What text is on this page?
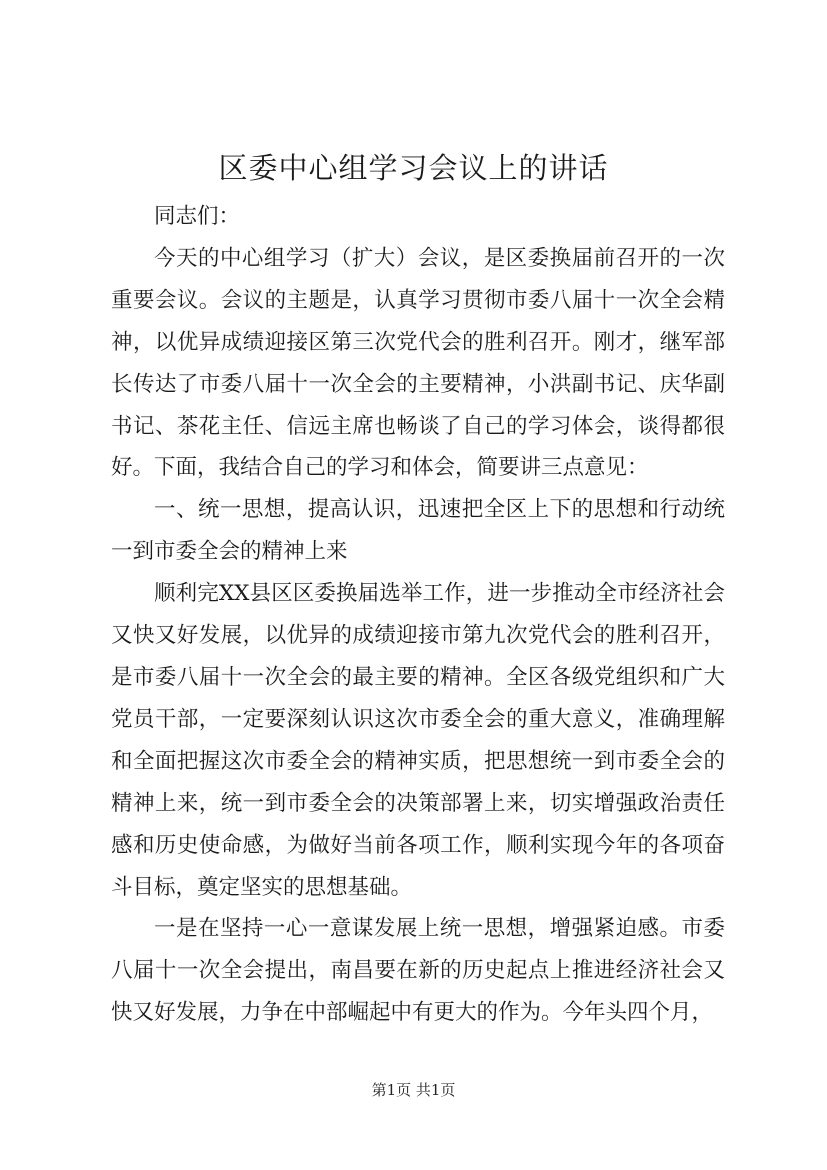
区委中心组学习会议上的讲话

同志们：

今天的中心组学习（扩大）会议，是区委换届前召开的一次重要会议。会议的主题是，认真学习贯彻市委八届十一次全会精神，以优异成绩迎接区第三次党代会的胜利召开。刚才，继军部长传达了市委八届十一次全会的主要精神，小洪副书记、庆华副书记、茶花主任、信远主席也畅谈了自己的学习体会，谈得都很好。下面，我结合自己的学习和体会，简要讲三点意见：

一、统一思想，提高认识，迅速把全区上下的思想和行动统一到市委全会的精神上来

顺利完XX县区区委换届选举工作，进一步推动全市经济社会又快又好发展，以优异的成绩迎接市第九次党代会的胜利召开，是市委八届十一次全会的最主要的精神。全区各级党组织和广大党员干部，一定要深刻认识这次市委全会的重大意义，准确理解和全面把握这次市委全会的精神实质，把思想统一到市委全会的精神上来，统一到市委全会的决策部署上来，切实增强政治责任感和历史使命感，为做好当前各项工作，顺利实现今年的各项奋斗目标，奠定坚实的思想基础。

一是在坚持一心一意谋发展上统一思想，增强紧迫感。市委八届十一次全会提出，南昌要在新的历史起点上推进经济社会又快又好发展，力争在中部崛起中有更大的作为。今年头四个月，

第1页 共1页
